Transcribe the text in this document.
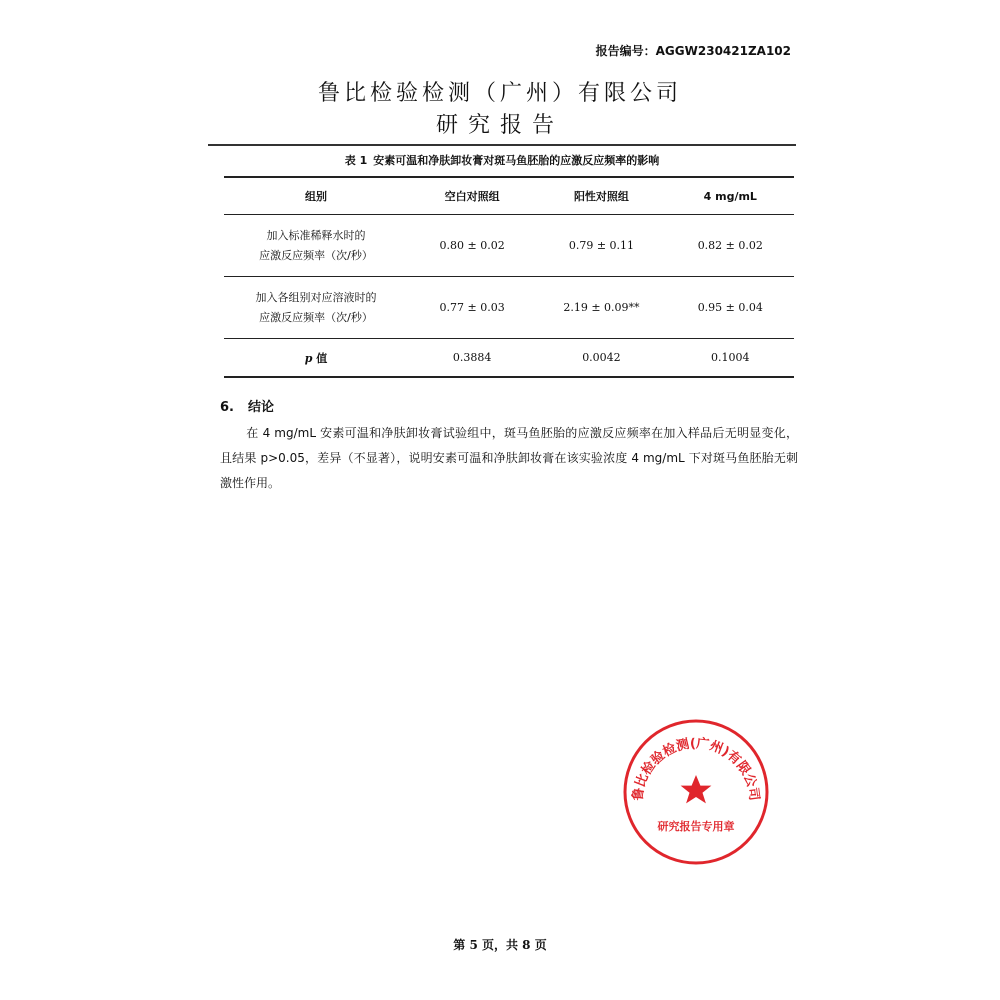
报告编号：AGGW230421ZA102
鲁比检验检测（广州）有限公司
研究报告
表 1 安素可温和净肤卸妆膏对斑马鱼胚胎的应激反应频率的影响
组别	空白对照组	阳性对照组	4 mg/mL

加入标准稀释水时的
应激反应频率（次/秒）	0.80 ± 0.02	0.79 ± 0.11	0.82 ± 0.02

加入各组别对应溶液时的
应激反应频率（次/秒）	0.77 ± 0.03	2.19 ± 0.09**	0.95 ± 0.04
p 值	0.3884	0.0042	0.1004
6. 结论
在 4 mg/mL 安素可温和净肤卸妆膏试验组中，斑马鱼胚胎的应激反应频率在加入样品后无明显变化，且结果 p>0.05，差异（不显著），说明安素可温和净肤卸妆膏在该实验浓度 4 mg/mL 下对斑马鱼胚胎无刺激性作用。
鲁比检验检测(广州)有限公司
研究报告专用章
第 5 页，共 8 页
